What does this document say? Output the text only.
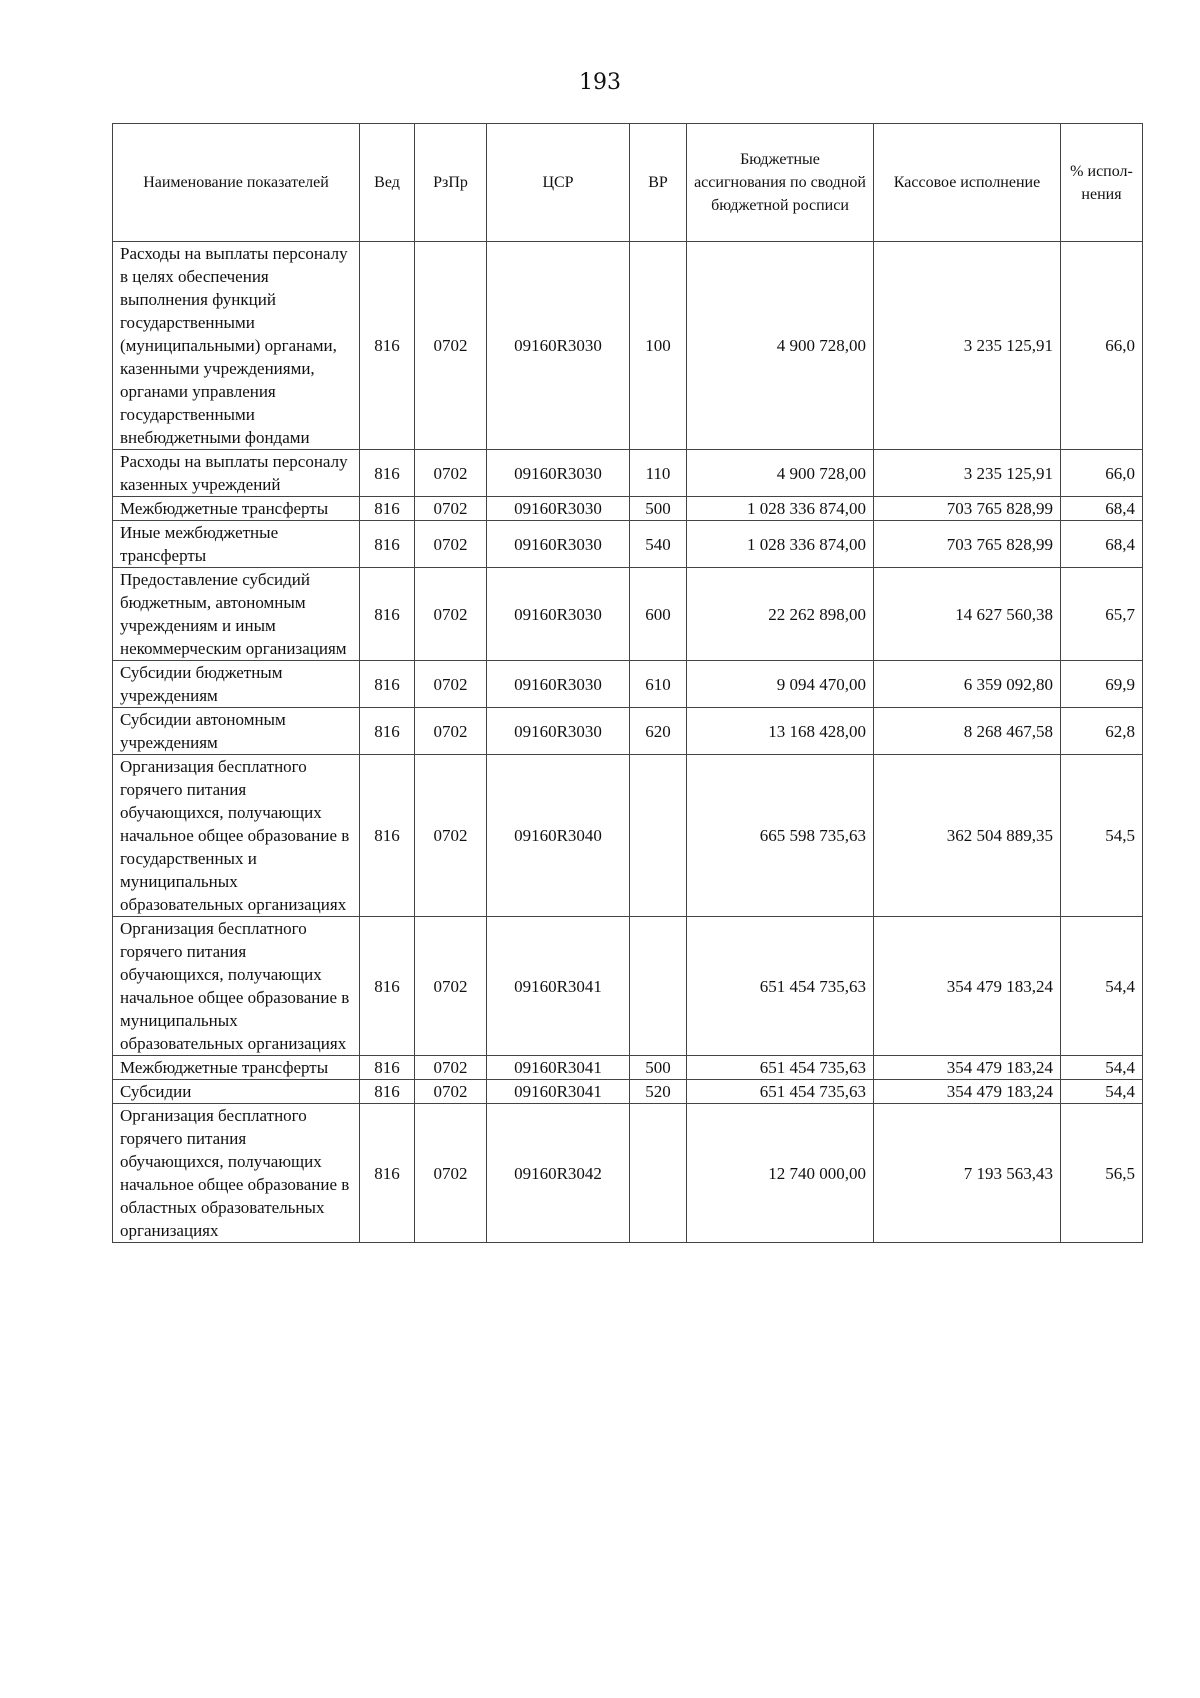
193
Наименование показателей	Вед	РзПр	ЦСР	ВР	Бюджетные ассигнования по сводной бюджетной росписи	Кассовое исполнение	% испол-нения
Расходы на выплаты персоналу в целях обеспечения выполнения функций государственными (муниципальными) органами, казенными учреждениями, органами управления государственными внебюджетными фондами	816	0702	09160R3030	100	4 900 728,00	3 235 125,91	66,0
Расходы на выплаты персоналу казенных учреждений	816	0702	09160R3030	110	4 900 728,00	3 235 125,91	66,0
Межбюджетные трансферты	816	0702	09160R3030	500	1 028 336 874,00	703 765 828,99	68,4
Иные межбюджетные трансферты	816	0702	09160R3030	540	1 028 336 874,00	703 765 828,99	68,4
Предоставление субсидий бюджетным, автономным учреждениям и иным некоммерческим организациям	816	0702	09160R3030	600	22 262 898,00	14 627 560,38	65,7
Субсидии бюджетным учреждениям	816	0702	09160R3030	610	9 094 470,00	6 359 092,80	69,9
Субсидии автономным учреждениям	816	0702	09160R3030	620	13 168 428,00	8 268 467,58	62,8
Организация бесплатного горячего питания обучающихся, получающих начальное общее образование в государственных и муниципальных образовательных организациях	816	0702	09160R3040		665 598 735,63	362 504 889,35	54,5
Организация бесплатного горячего питания обучающихся, получающих начальное общее образование в муниципальных образовательных организациях	816	0702	09160R3041		651 454 735,63	354 479 183,24	54,4
Межбюджетные трансферты	816	0702	09160R3041	500	651 454 735,63	354 479 183,24	54,4
Субсидии	816	0702	09160R3041	520	651 454 735,63	354 479 183,24	54,4
Организация бесплатного горячего питания обучающихся, получающих начальное общее образование в областных образовательных организациях	816	0702	09160R3042		12 740 000,00	7 193 563,43	56,5
